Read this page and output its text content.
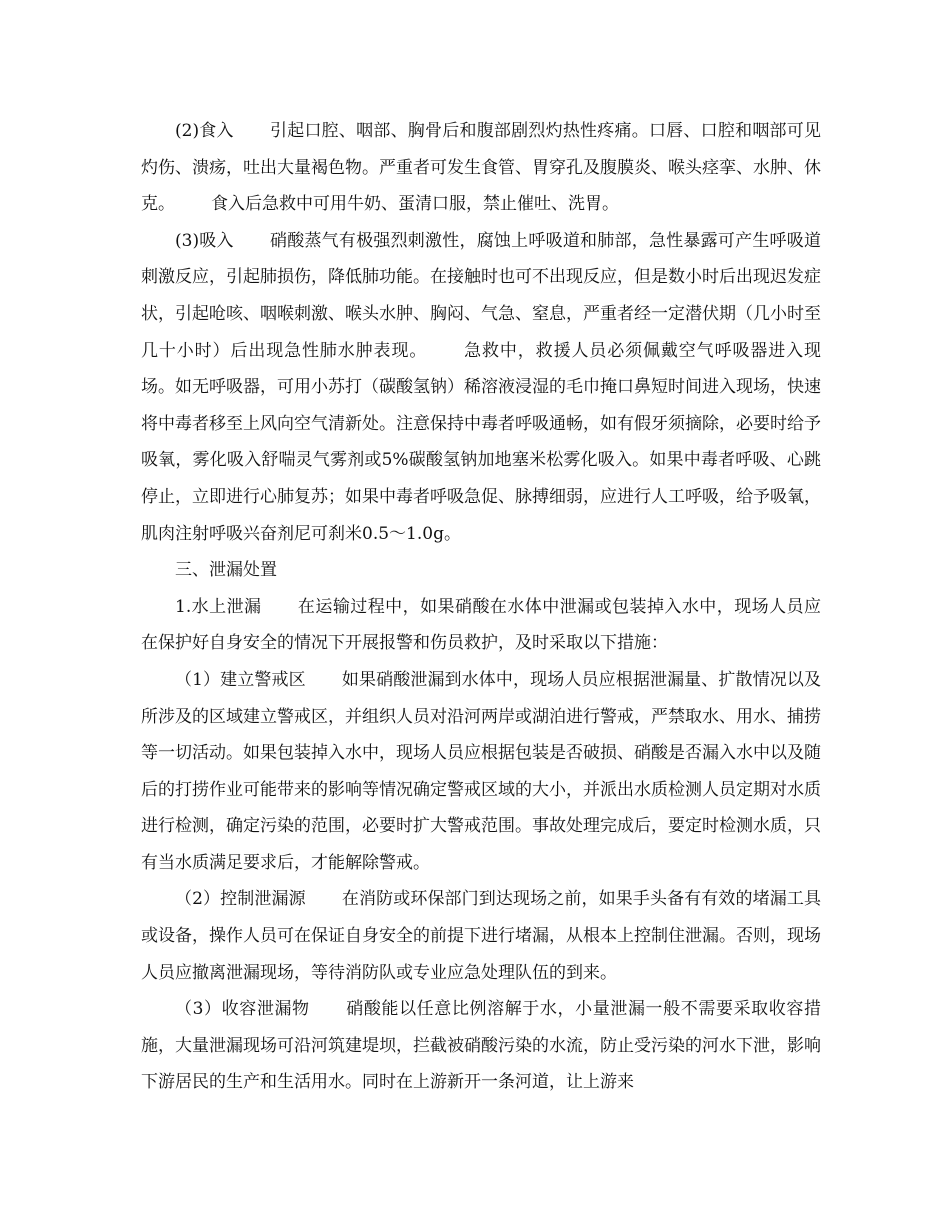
(2)食入 引起口腔、咽部、胸骨后和腹部剧烈灼热性疼痛。口唇、口腔和咽部可见灼伤、溃疡，吐出大量褐色物。严重者可发生食管、胃穿孔及腹膜炎、喉头痉挛、水肿、休克。 食入后急救中可用牛奶、蛋清口服，禁止催吐、洗胃。

(3)吸入 硝酸蒸气有极强烈刺激性，腐蚀上呼吸道和肺部，急性暴露可产生呼吸道刺激反应，引起肺损伤，降低肺功能。在接触时也可不出现反应，但是数小时后出现迟发症状，引起呛咳、咽喉刺激、喉头水肿、胸闷、气急、窒息，严重者经一定潜伏期（几小时至几十小时）后出现急性肺水肿表现。 急救中，救援人员必须佩戴空气呼吸器进入现场。如无呼吸器，可用小苏打（碳酸氢钠）稀溶液浸湿的毛巾掩口鼻短时间进入现场，快速将中毒者移至上风向空气清新处。注意保持中毒者呼吸通畅，如有假牙须摘除，必要时给予吸氧，雾化吸入舒喘灵气雾剂或5%碳酸氢钠加地塞米松雾化吸入。如果中毒者呼吸、心跳停止，立即进行心肺复苏；如果中毒者呼吸急促、脉搏细弱，应进行人工呼吸，给予吸氧，肌肉注射呼吸兴奋剂尼可刹米0.5～1.0g。

三、泄漏处置

1.水上泄漏 在运输过程中，如果硝酸在水体中泄漏或包装掉入水中，现场人员应在保护好自身安全的情况下开展报警和伤员救护，及时采取以下措施：

（1）建立警戒区 如果硝酸泄漏到水体中，现场人员应根据泄漏量、扩散情况以及所涉及的区域建立警戒区，并组织人员对沿河两岸或湖泊进行警戒，严禁取水、用水、捕捞等一切活动。如果包装掉入水中，现场人员应根据包装是否破损、硝酸是否漏入水中以及随后的打捞作业可能带来的影响等情况确定警戒区域的大小，并派出水质检测人员定期对水质进行检测，确定污染的范围，必要时扩大警戒范围。事故处理完成后，要定时检测水质，只有当水质满足要求后，才能解除警戒。

（2）控制泄漏源 在消防或环保部门到达现场之前，如果手头备有有效的堵漏工具或设备，操作人员可在保证自身安全的前提下进行堵漏，从根本上控制住泄漏。否则，现场人员应撤离泄漏现场，等待消防队或专业应急处理队伍的到来。

（3）收容泄漏物 硝酸能以任意比例溶解于水，小量泄漏一般不需要采取收容措施，大量泄漏现场可沿河筑建堤坝，拦截被硝酸污染的水流，防止受污染的河水下泄，影响下游居民的生产和生活用水。同时在上游新开一条河道，让上游来
